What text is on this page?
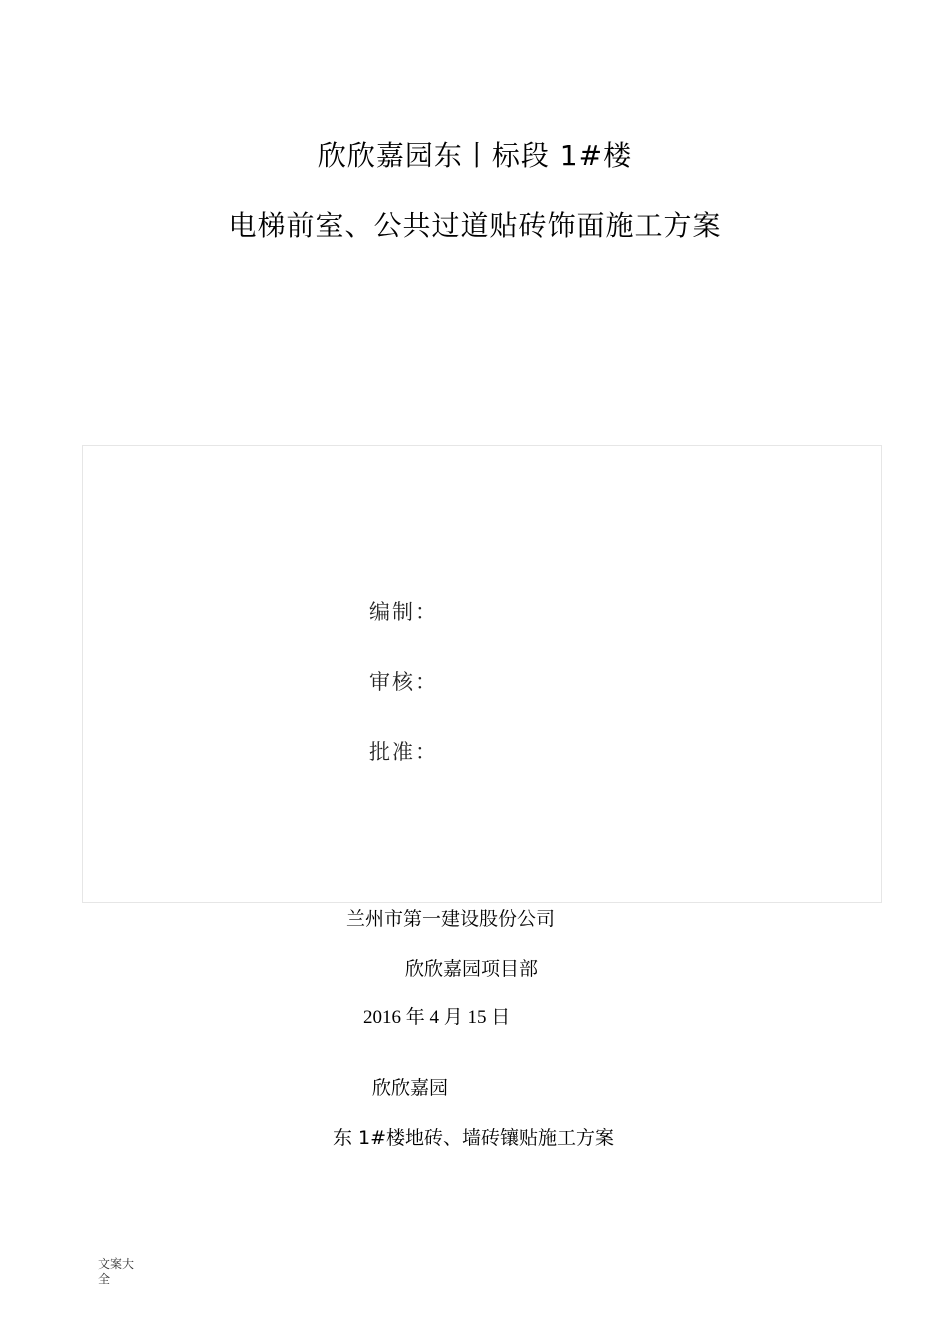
欣欣嘉园东丨标段 1#楼
电梯前室、公共过道贴砖饰面施工方案
编制：
审核：
批准：
兰州市第一建设股份公司
欣欣嘉园项目部
2016 年 4 月 15 日
欣欣嘉园
东 1#楼地砖、墙砖镶贴施工方案
文案大全
